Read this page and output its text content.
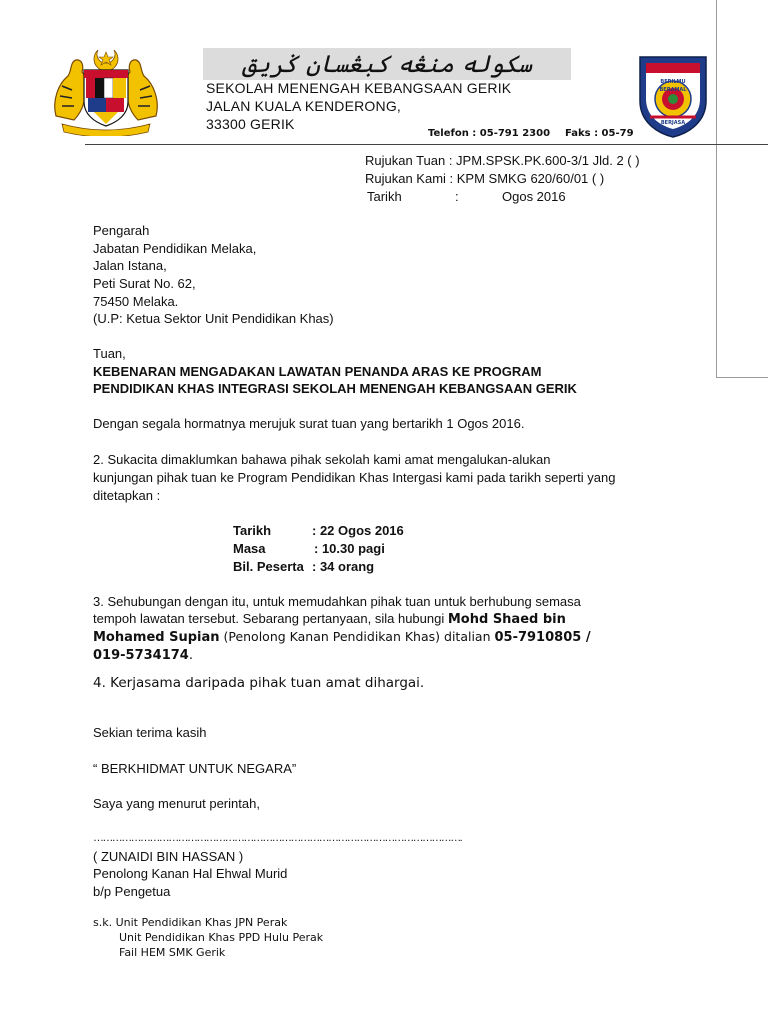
سکوله منڠه کبڠسان ݢريق
SEKOLAH MENENGAH KEBANGSAAN GERIK
JALAN KUALA KENDERONG,
33300 GERIK
Telefon : 05-791 2300 Faks : 05-79
BERILMU
BERAMAL
BERJASA
Rujukan Tuan : JPM.SPSK.PK.600-3/1 Jld. 2 ( )
Rujukan Kami : KPM SMKG 620/60/01 ( )
Tarikh	:	Ogos 2016
Pengarah
Jabatan Pendidikan Melaka,
Jalan Istana,
Peti Surat No. 62,
75450 Melaka.
(U.P: Ketua Sektor Unit Pendidikan Khas)
Tuan,
KEBENARAN MENGADAKAN LAWATAN PENANDA ARAS KE PROGRAM
PENDIDIKAN KHAS INTEGRASI SEKOLAH MENENGAH KEBANGSAAN GERIK
Dengan segala hormatnya merujuk surat tuan yang bertarikh 1 Ogos 2016.
2. Sukacita dimaklumkan bahawa pihak sekolah kami amat mengalukan-alukan
kunjungan pihak tuan ke Program Pendidikan Khas Intergasi kami pada tarikh seperti yang
ditetapkan :
Tarikh	: 22 Ogos 2016
Masa	: 10.30 pagi
Bil. Peserta : 34 orang
3. Sehubungan dengan itu, untuk memudahkan pihak tuan untuk berhubung semasa
tempoh lawatan tersebut. Sebarang pertanyaan, sila hubungi Mohd Shaed bin
Mohamed Supian (Penolong Kanan Pendidikan Khas) ditalian 05-7910805 /
019-5734174.
4. Kerjasama daripada pihak tuan amat dihargai.
Sekian terima kasih
“ BERKHIDMAT UNTUK NEGARA”
Saya yang menurut perintah,
……………………………………………………………………………………………………….
( ZUNAIDI BIN HASSAN )
Penolong Kanan Hal Ehwal Murid
b/p Pengetua
s.k. Unit Pendidikan Khas JPN Perak
Unit Pendidikan Khas PPD Hulu Perak
Fail HEM SMK Gerik
